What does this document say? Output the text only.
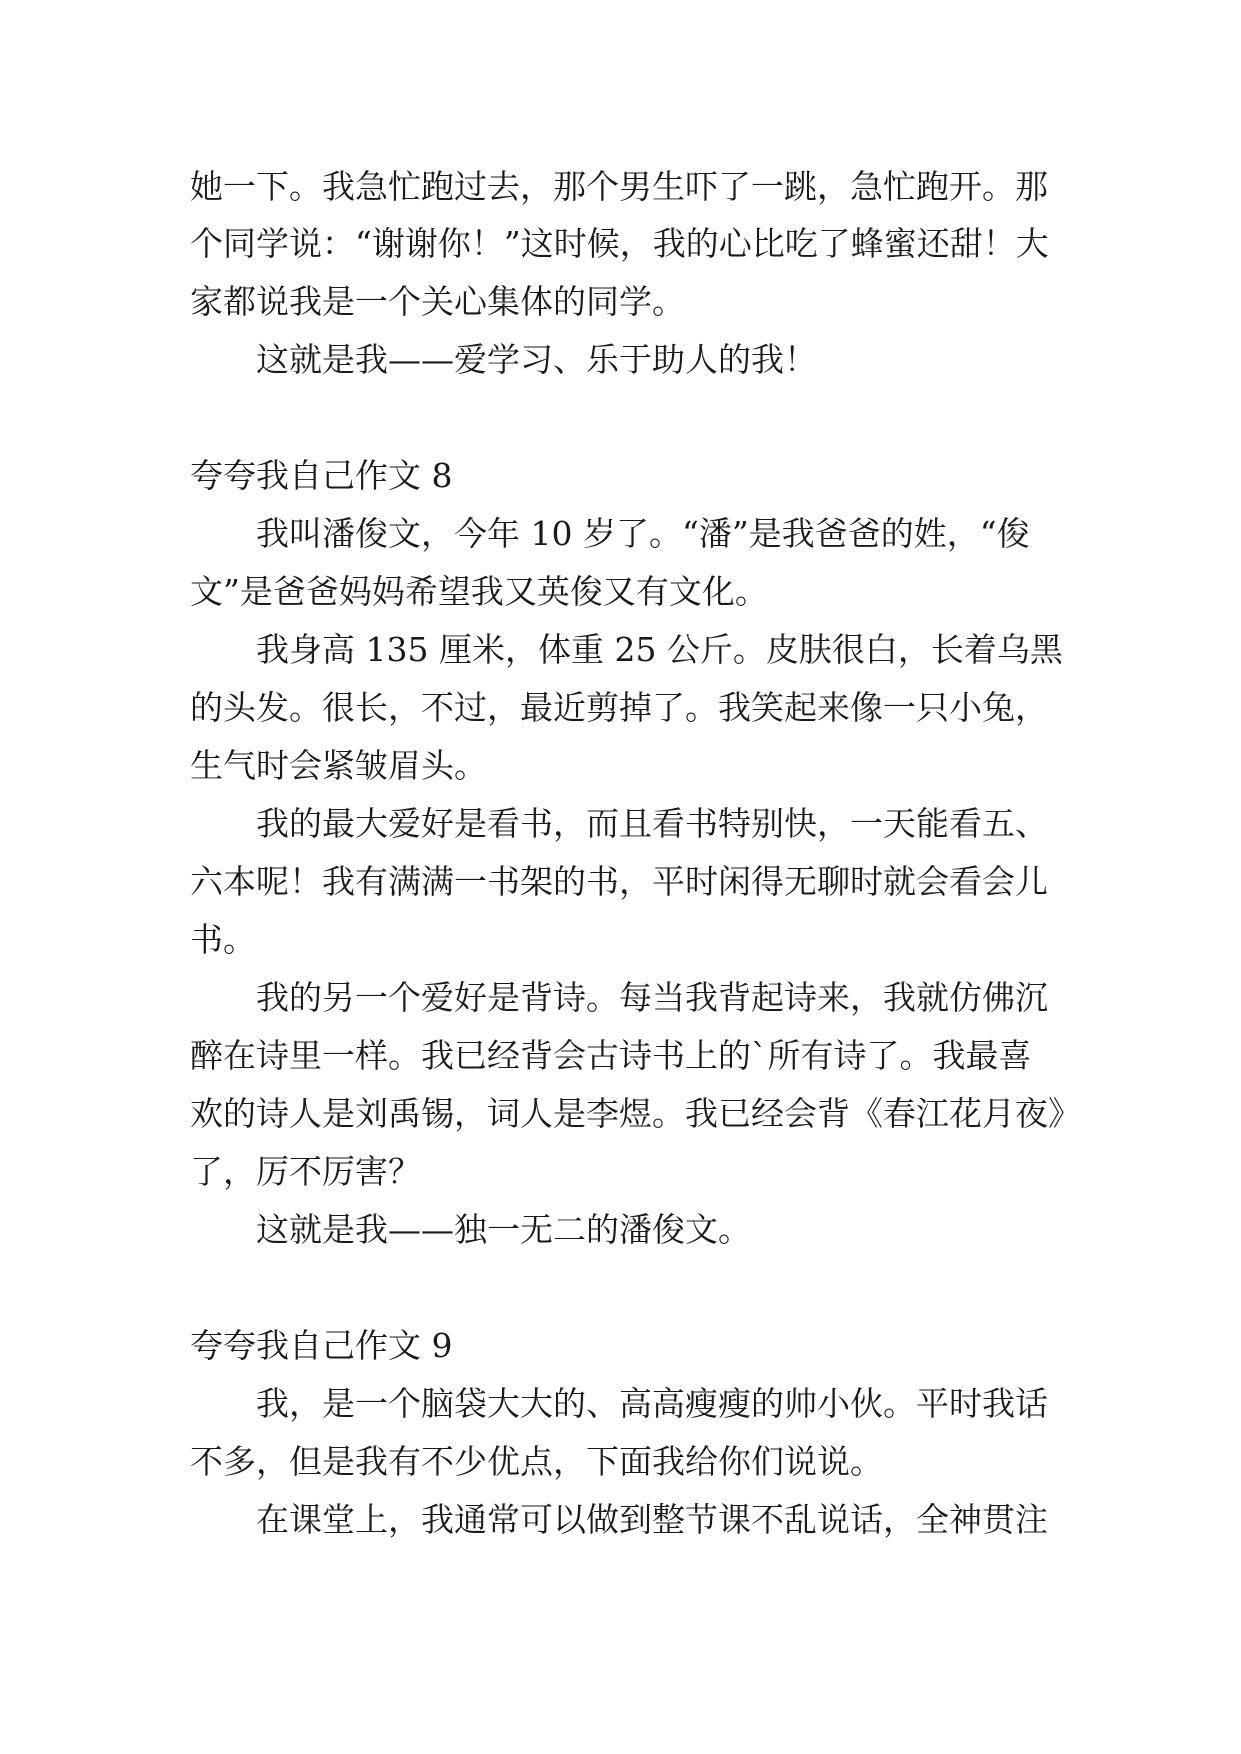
她一下。我急忙跑过去，那个男生吓了一跳，急忙跑开。那
个同学说：“谢谢你！”这时候，我的心比吃了蜂蜜还甜！大
家都说我是一个关心集体的同学。
这就是我——爱学习、乐于助人的我！
夸夸我自己作文 8
我叫潘俊文，今年 10 岁了。“潘”是我爸爸的姓，“俊
文”是爸爸妈妈希望我又英俊又有文化。
我身高 135 厘米，体重 25 公斤。皮肤很白，长着乌黑
的头发。很长，不过，最近剪掉了。我笑起来像一只小兔，
生气时会紧皱眉头。
我的最大爱好是看书，而且看书特别快，一天能看五、
六本呢！我有满满一书架的书，平时闲得无聊时就会看会儿
书。
我的另一个爱好是背诗。每当我背起诗来，我就仿佛沉
醉在诗里一样。我已经背会古诗书上的`所有诗了。我最喜
欢的诗人是刘禹锡，词人是李煜。我已经会背《春江花月夜》
了，厉不厉害？
这就是我——独一无二的潘俊文。
夸夸我自己作文 9
我，是一个脑袋大大的、高高瘦瘦的帅小伙。平时我话
不多，但是我有不少优点，下面我给你们说说。
在课堂上，我通常可以做到整节课不乱说话，全神贯注
